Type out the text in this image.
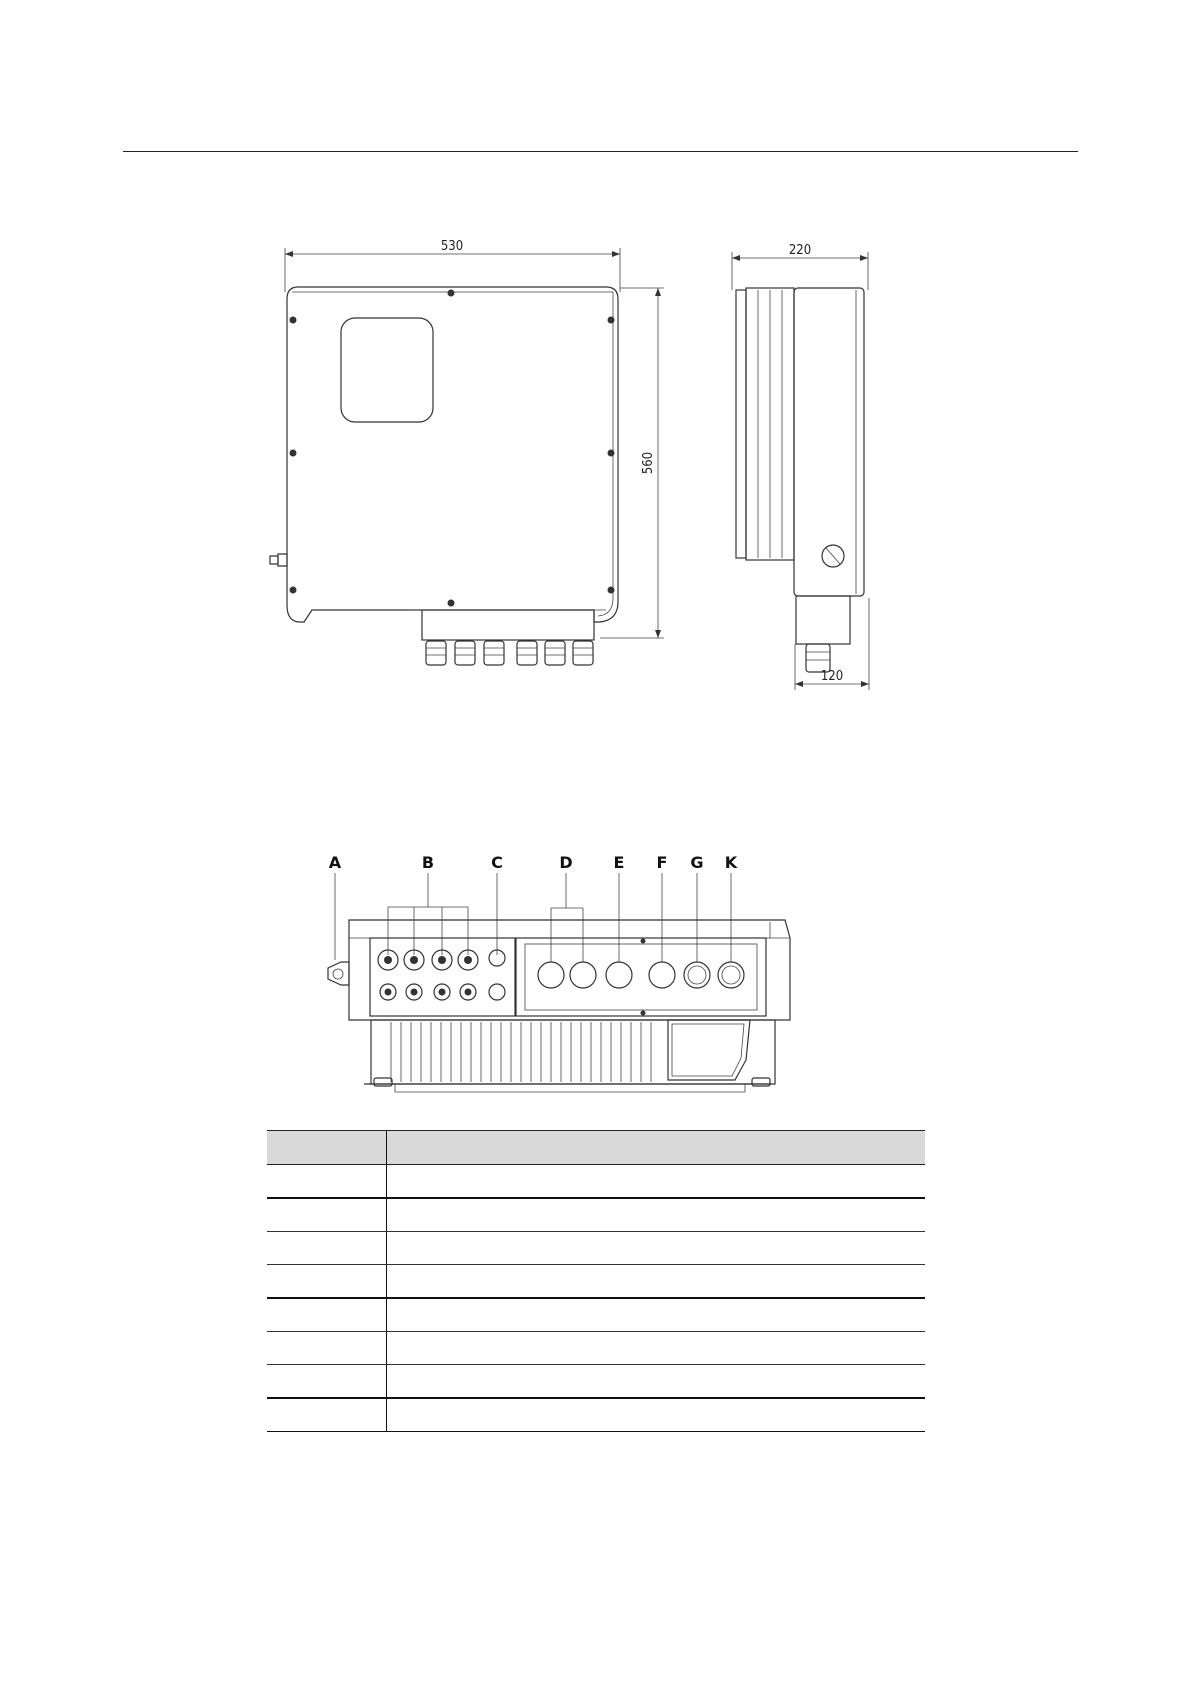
530
560
220
120
A	B	C	D	E F G K
